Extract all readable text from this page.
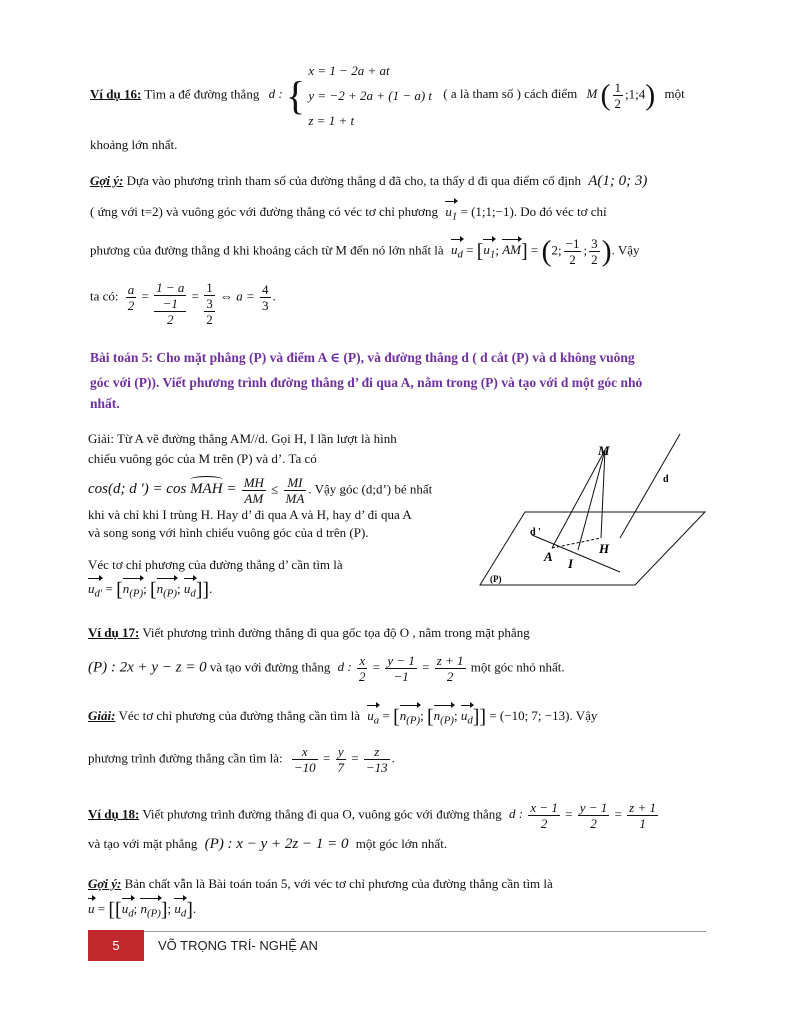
Ví dụ 16: Tìm a để đường thẳng d : {
x = 1 − 2a + at
y = −2 + 2a + (1 − a) t
z = 1 + t
( a là tham số ) cách điểm M ( $\frac{1}{2}$ ;1;4) một
khoảng lớn nhất.
Gợi ý: Dựa vào phương trình tham số của đường thẳng d đã cho, ta thấy d đi qua điểm cố định A(1; 0; 3)
( ứng với t=2) và vuông góc với đường thẳng có véc tơ chỉ phương $u_1$ = (1;1;−1). Do đó véc tơ chỉ
phương của đường thẳng d khi khoảng cách từ M đến nó lớn nhất là $u_d = [u_1$; AM] = (2; $\frac{-1}{2}$ ; $\frac{3}{2}$ ). Vậy
ta có: $\frac{a}{2}$ =
1 − a
−1
2
=
1
3
2
⇔ $a = \frac{4}{3}$ .
Bài toán 5: Cho mặt phẳng (P) và điểm A ∈ (P), và đường thẳng d ( d cắt (P) và d không vuông
góc với (P)). Viết phương trình đường thẳng d’ đi qua A, nằm trong (P) và tạo với d một góc nhỏ
nhất.
Giải: Từ A vẽ đường thẳng AM//d. Gọi H, I lần lượt là hình
chiếu vuông góc của M trên (P) và d’. Ta có
cos(d; d ') = cos
MAH = $\frac{MH}{AM} \le \frac{MI}{MA}$ . Vậy góc (d;d’) bé nhất
khi và chỉ khi I trùng H. Hay d’ đi qua A và H, hay d’ đi qua A
và song song với hình chiếu vuông góc của d trên (P).
Véc tơ chỉ phương của đường thẳng d’ cần tìm là
$u_{d'} = [n_{(P)}$; [$n_{(P)}$; $u_d$]].
M
d
d '
H
A I
(P)
Ví dụ 17: Viết phương trình đường thẳng đi qua gốc tọa độ O , nằm trong mặt phẳng
(P) : 2x + y − z = 0 và tạo với đường thẳng d : $\frac{x}{2} = \frac{y - 1}{-1} = \frac{z + 1}{2}$ một góc nhỏ nhất.
Giải: Véc tơ chỉ phương của đường thẳng cần tìm là $u_a = [n_{(P)}$; [$n_{(P)}$; $u_d]] = (-10$; 7; −13). Vậy
phương trình đường thẳng cần tìm là: $\frac{x}{-10} = \frac{y}{7} = \frac{z}{-13}$ .
Ví dụ 18: Viết phương trình đường thẳng đi qua O, vuông góc với đường thẳng d : $\frac{x - 1}{2} = \frac{y - 1}{2} = \frac{z + 1}{1}$
và tạo với mặt phẳng (P) : x − y + 2z − 1 = 0 một góc lớn nhất.
Gợi ý: Bản chất vẫn là Bài toán toán 5, với véc tơ chỉ phương của đường thẳng cần tìm là
$u = [[u_d$; $n_{(P)}$]; $u_d$].
5	VÕ TRỌNG TRÍ- NGHỆ AN
